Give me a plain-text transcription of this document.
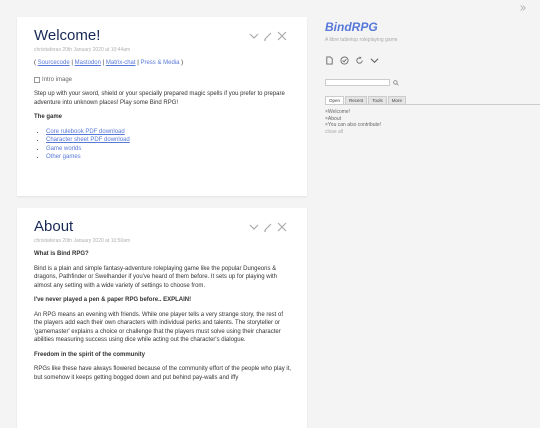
Welcome!
chrisitaferas 20th January 2020 at 10:44am

( Sourcecode | Mastodon | Matrix-chat | Press & Media )

Intro image

Step up with your sword, shield or your specially prepared magic spells if you prefer to prepare adventure into unknown places! Play some Bind RPG!

The game

• Core rulebook PDF download
• Character sheet PDF download
• Game worlds
• Other games
About
chrisitaferas 20th January 2020 at 10:50am

What is Bind RPG?

Bind is a plain and simple fantasy-adventure roleplaying game like the popular Dungeons & dragons, Pathfinder or Swelhander if you've heard of them before. It sets up for playing with almost any setting with a wide variety of settings to choose from.

I've never played a pen & paper RPG before.. EXPLAIN!

An RPG means an evening with friends. While one player tells a very strange story, the rest of the players add each their own characters with individual perks and talents. The storyteller or 'gamemaster' explains a choice or challenge that the players must solve using their character abilities measuring success using dice while acting out the character's dialogue.

Freedom in the spirit of the community

RPGs like these have always flowered because of the community effort of the people who play it, but somehow it keeps getting bogged down and put behind pay-walls and iffy

BindRPG
A libre tabletop roleplaying game
Open	Recent	Tools	More
×Welcome!
×About
×You can also contribute!
close all
